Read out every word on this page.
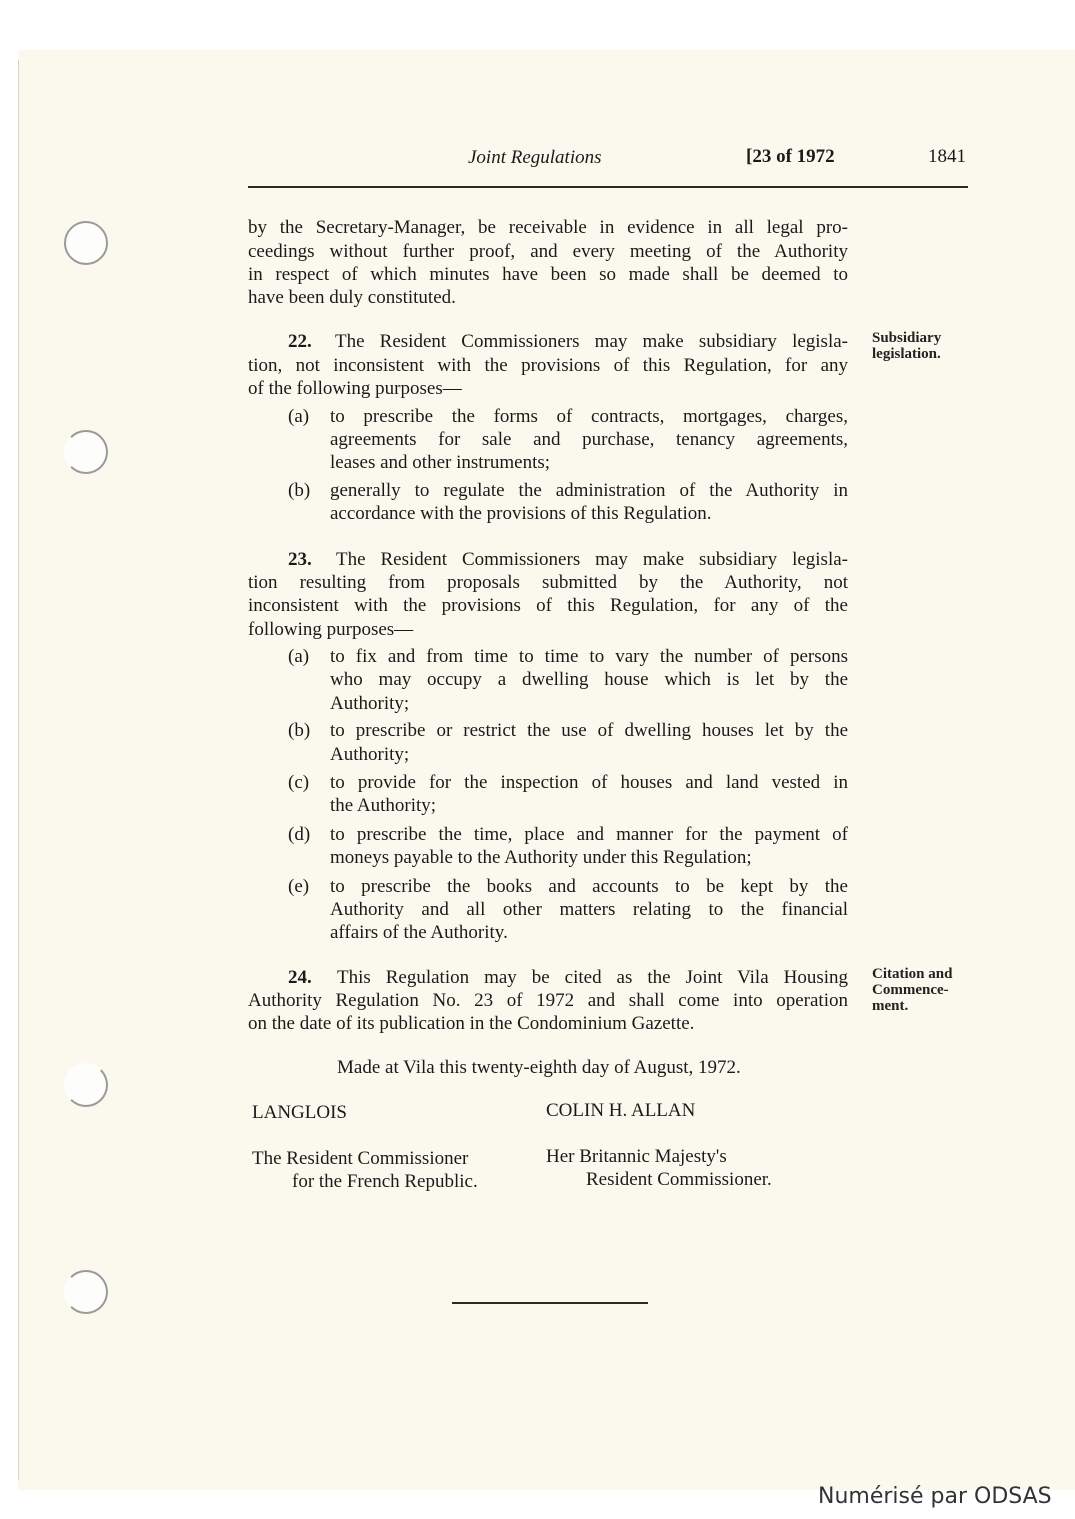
Joint Regulations	[23 of 1972	1841
by the Secretary-Manager, be receivable in evidence in all legal pro-
ceedings without further proof, and every meeting of the Authority
in respect of which minutes have been so made shall be deemed to
have been duly constituted.
22. The Resident Commissioners may make subsidiary legisla-
tion, not inconsistent with the provisions of this Regulation, for any
of the following purposes—
Subsidiary
legislation.
(a) to prescribe the forms of contracts, mortgages, charges,
agreements for sale and purchase, tenancy agreements,
leases and other instruments;
(b) generally to regulate the administration of the Authority in
accordance with the provisions of this Regulation.
23. The Resident Commissioners may make subsidiary legisla-
tion resulting from proposals submitted by the Authority, not
inconsistent with the provisions of this Regulation, for any of the
following purposes—
(a) to fix and from time to time to vary the number of persons
who may occupy a dwelling house which is let by the
Authority;
(b) to prescribe or restrict the use of dwelling houses let by the
Authority;
(c) to provide for the inspection of houses and land vested in
the Authority;
(d) to prescribe the time, place and manner for the payment of
moneys payable to the Authority under this Regulation;
(e) to prescribe the books and accounts to be kept by the
Authority and all other matters relating to the financial
affairs of the Authority.
24. This Regulation may be cited as the Joint Vila Housing
Authority Regulation No. 23 of 1972 and shall come into operation
on the date of its publication in the Condominium Gazette.
Citation and
Commence-
ment.
Made at Vila this twenty-eighth day of August, 1972.
LANGLOIS	COLIN H. ALLAN
The Resident Commissioner
for the French Republic.
Her Britannic Majesty's
Resident Commissioner.
Numérisé par ODSAS
